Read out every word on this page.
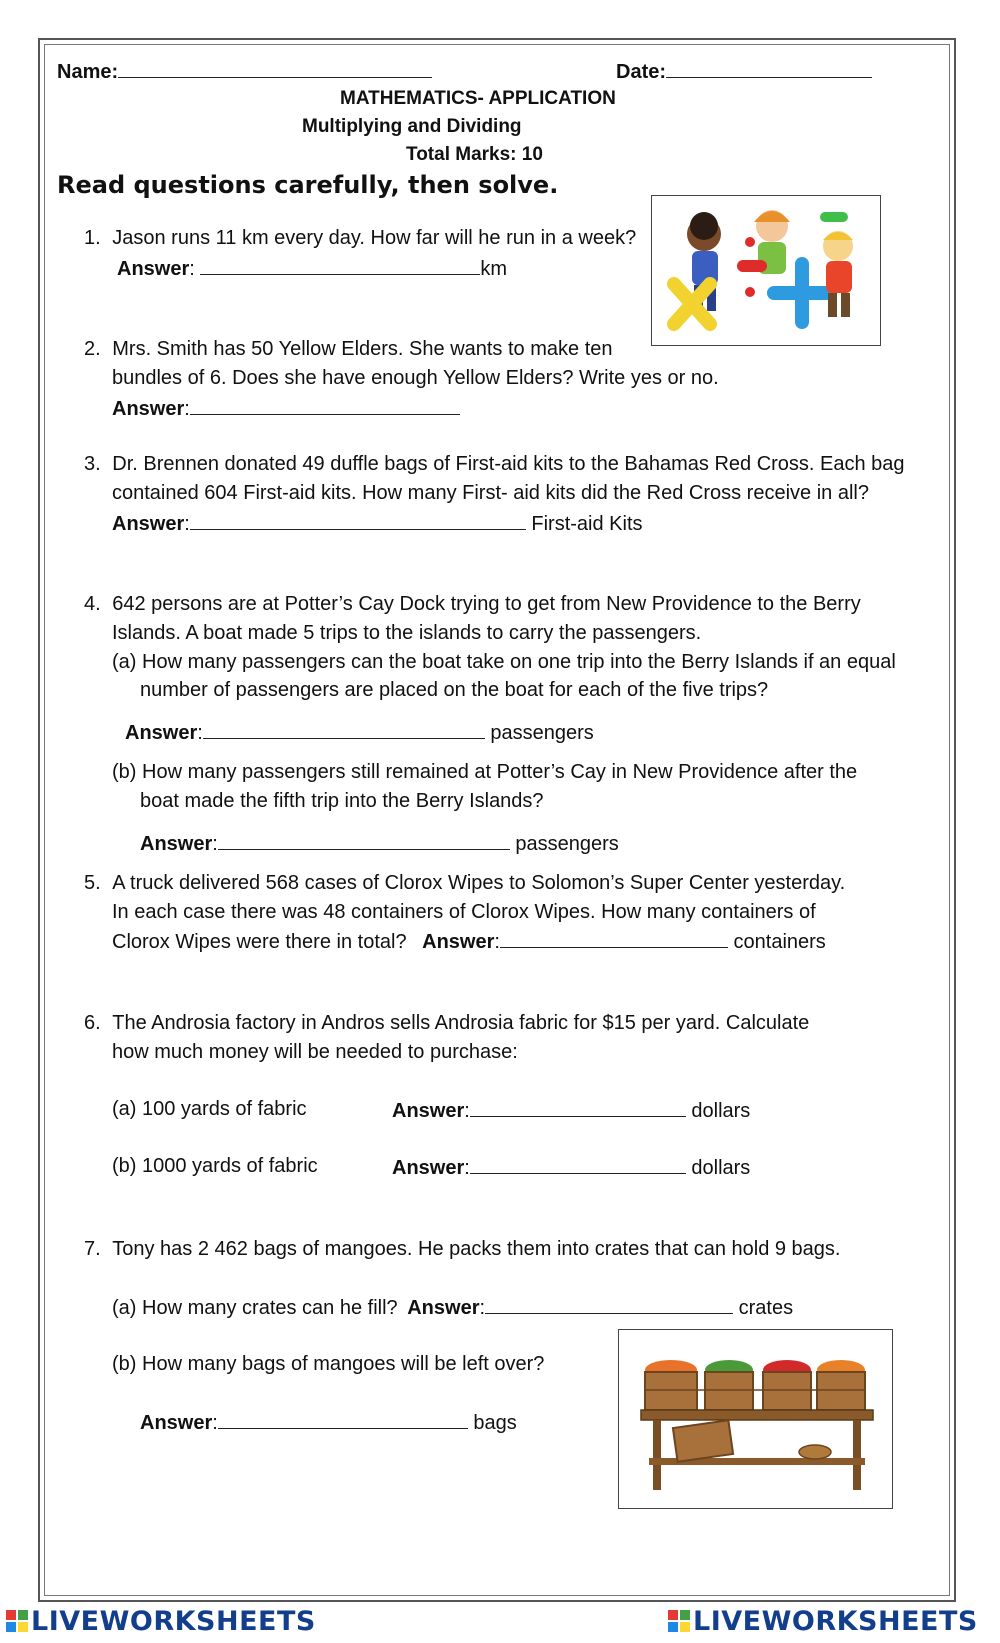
Name:	Date:
MATHEMATICS- APPLICATION
Multiplying and Dividing
Total Marks: 10
Read questions carefully, then solve.
1. Jason runs 11 km every day. How far will he run in a week?
Answer:	km
2. Mrs. Smith has 50 Yellow Elders. She wants to make ten
bundles of 6. Does she have enough Yellow Elders? Write yes or no.
Answer:
3. Dr. Brennen donated 49 duffle bags of First-aid kits to the Bahamas Red Cross. Each bag
contained 604 First-aid kits. How many First- aid kits did the Red Cross receive in all?
Answer:	First-aid Kits
4. 642 persons are at Potter’s Cay Dock trying to get from New Providence to the Berry
Islands. A boat made 5 trips to the islands to carry the passengers.
(a) How many passengers can the boat take on one trip into the Berry Islands if an equal
number of passengers are placed on the boat for each of the five trips?
Answer:	passengers
(b) How many passengers still remained at Potter’s Cay in New Providence after the
boat made the fifth trip into the Berry Islands?
Answer:	passengers
5. A truck delivered 568 cases of Clorox Wipes to Solomon’s Super Center yesterday.
In each case there was 48 containers of Clorox Wipes. How many containers of
Clorox Wipes were there in total? Answer:	containers
6. The Androsia factory in Andros sells Androsia fabric for $15 per yard. Calculate
how much money will be needed to purchase:
(a) 100 yards of fabric	Answer:	dollars
(b) 1000 yards of fabric	Answer:	dollars
7. Tony has 2 462 bags of mangoes. He packs them into crates that can hold 9 bags.
(a) How many crates can he fill? Answer:	crates
(b) How many bags of mangoes will be left over?
Answer:	bags
LIVEWORKSHEETS	LIVEWORKSHEETS
